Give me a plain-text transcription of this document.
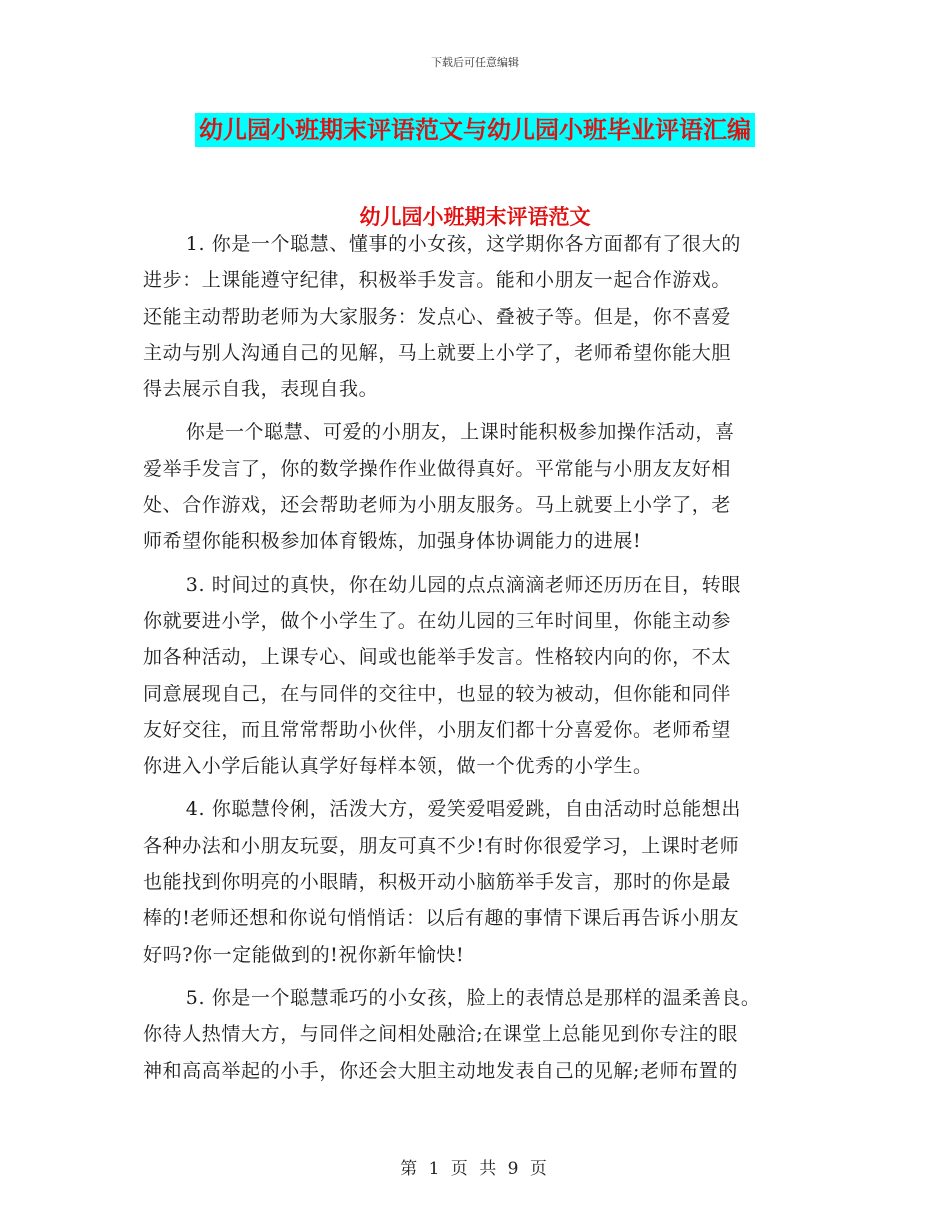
下载后可任意编辑
幼儿园小班期末评语范文与幼儿园小班毕业评语汇编
幼儿园小班期末评语范文

1. 你是一个聪慧、懂事的小女孩，这学期你各方面都有了很大的
进步：上课能遵守纪律，积极举手发言。能和小朋友一起合作游戏。
还能主动帮助老师为大家服务：发点心、叠被子等。但是，你不喜爱
主动与别人沟通自己的见解，马上就要上小学了，老师希望你能大胆
得去展示自我，表现自我。

你是一个聪慧、可爱的小朋友，上课时能积极参加操作活动，喜
爱举手发言了，你的数学操作作业做得真好。平常能与小朋友友好相
处、合作游戏，还会帮助老师为小朋友服务。马上就要上小学了，老
师希望你能积极参加体育锻炼，加强身体协调能力的进展!

3. 时间过的真快，你在幼儿园的点点滴滴老师还历历在目，转眼
你就要进小学，做个小学生了。在幼儿园的三年时间里，你能主动参
加各种活动，上课专心、间或也能举手发言。性格较内向的你，不太
同意展现自己，在与同伴的交往中，也显的较为被动，但你能和同伴
友好交往，而且常常帮助小伙伴，小朋友们都十分喜爱你。老师希望
你进入小学后能认真学好每样本领，做一个优秀的小学生。

4. 你聪慧伶俐，活泼大方，爱笑爱唱爱跳，自由活动时总能想出
各种办法和小朋友玩耍，朋友可真不少!有时你很爱学习，上课时老师
也能找到你明亮的小眼睛，积极开动小脑筋举手发言，那时的你是最
棒的!老师还想和你说句悄悄话：以后有趣的事情下课后再告诉小朋友
好吗?你一定能做到的!祝你新年愉快!

5. 你是一个聪慧乖巧的小女孩，脸上的表情总是那样的温柔善良。
你待人热情大方，与同伴之间相处融洽;在课堂上总能见到你专注的眼
神和高高举起的小手，你还会大胆主动地发表自己的见解;老师布置的

第 1 页 共 9 页
